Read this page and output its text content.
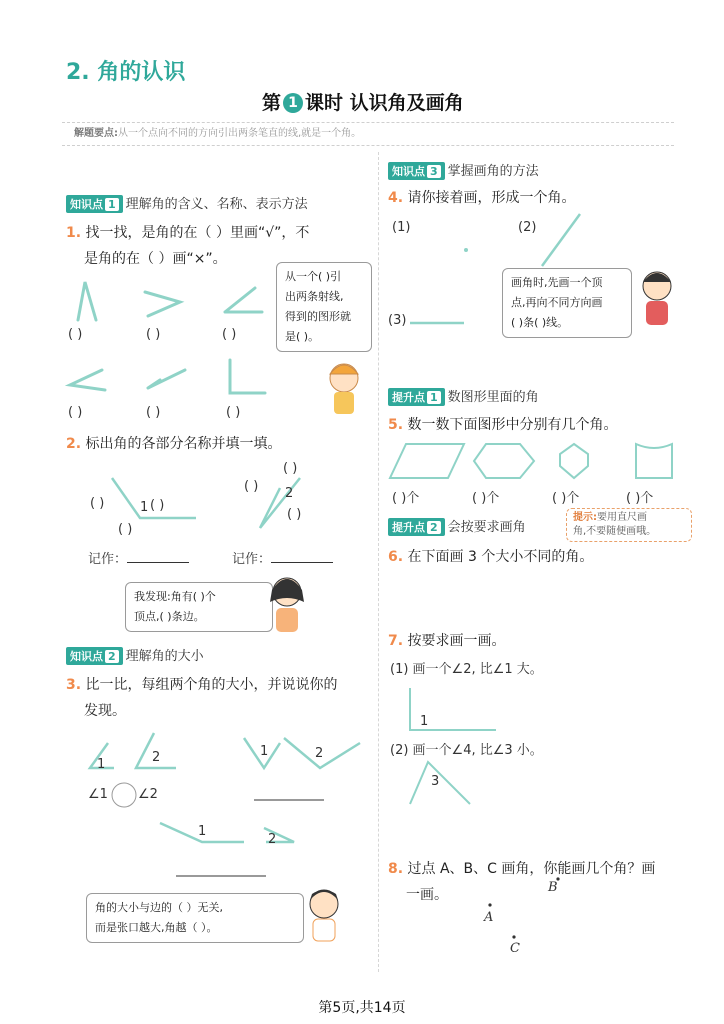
2. 角的认识
第 1 课时 认识角及画角
解题要点:从一个点向不同的方向引出两条笔直的线,就是一个角。
知识点 1 理解角的含义、名称、表示方法
1. 找一找，是角的在（ ）里画“√”，不
是角的在（ ）画“×”。
( )	( )	( )
( )	( )	( )
从一个( )引
出两条射线,
得到的图形就
是( )。
2. 标出角的各部分名称并填一填。
1
( )	( )
( )
2
( )
( )
( )
记作：	记作：
我发现:角有( )个
顶点,( )条边。
知识点 2 理解角的大小
3. 比一比，每组两个角的大小，并说说你的
发现。
1	2	1	2
∠1 ∠2
1
2
角的大小与边的（ ）无关,
而是张口越大,角越（ ）。
知识点 3 掌握画角的方法
4. 请你接着画，形成一个角。
(1)	(2)
(3)
画角时,先画一个顶
点,再向不同方向画
( )条( )线。
提升点 1 数图形里面的角
5. 数一数下面图形中分别有几个角。
( )个	( )个	( )个	( )个
提升点 2 会按要求画角
提示:要用直尺画
角,不要随便画哦。
6. 在下面画 3 个大小不同的角。
7. 按要求画一画。
(1) 画一个∠2, 比∠1 大。
1
(2) 画一个∠4, 比∠3 小。
3
8. 过点 A、B、C 画角，你能画几个角？画
一画。	B
A
C
第5页,共14页
